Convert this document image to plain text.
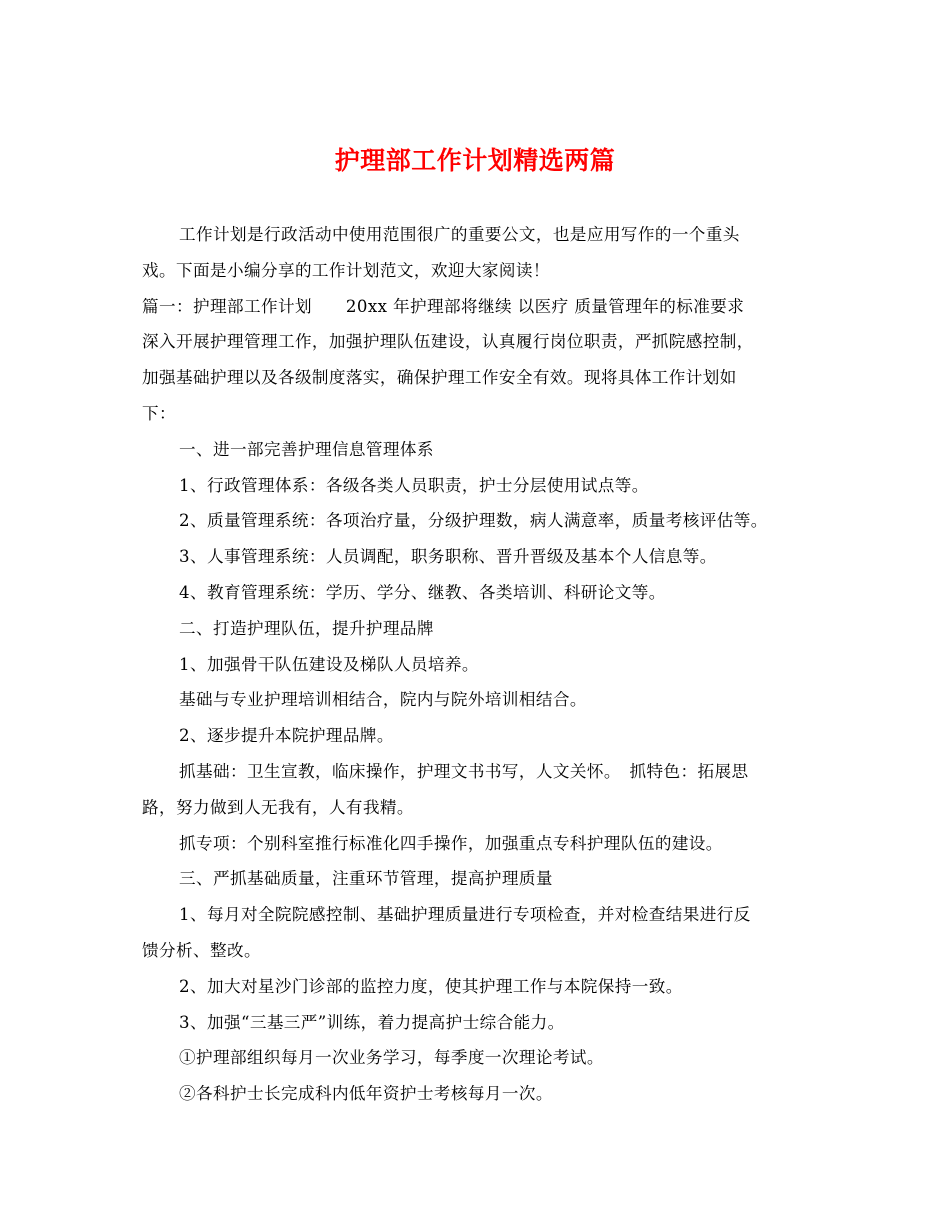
护理部工作计划精选两篇
工作计划是行政活动中使用范围很广的重要公文，也是应用写作的一个重头
戏。下面是小编分享的工作计划范文，欢迎大家阅读！
篇一：护理部工作计划　　20xx 年护理部将继续 以医疗 质量管理年的标准要求
深入开展护理管理工作，加强护理队伍建设，认真履行岗位职责，严抓院感控制，
加强基础护理以及各级制度落实，确保护理工作安全有效。现将具体工作计划如
下：
一、进一部完善护理信息管理体系
1、行政管理体系：各级各类人员职责，护士分层使用试点等。
2、质量管理系统：各项治疗量，分级护理数，病人满意率，质量考核评估等。
3、人事管理系统：人员调配，职务职称、晋升晋级及基本个人信息等。
4、教育管理系统：学历、学分、继教、各类培训、科研论文等。
二、打造护理队伍，提升护理品牌
1、加强骨干队伍建设及梯队人员培养。
基础与专业护理培训相结合，院内与院外培训相结合。
2、逐步提升本院护理品牌。
抓基础：卫生宣教，临床操作，护理文书书写，人文关怀。　抓特色：拓展思
路，努力做到人无我有，人有我精。
抓专项：个别科室推行标准化四手操作，加强重点专科护理队伍的建设。
三、严抓基础质量，注重环节管理，提高护理质量
1、每月对全院院感控制、基础护理质量进行专项检查，并对检查结果进行反
馈分析、整改。
2、加大对星沙门诊部的监控力度，使其护理工作与本院保持一致。
3、加强“三基三严”训练，着力提高护士综合能力。
①护理部组织每月一次业务学习，每季度一次理论考试。
②各科护士长完成科内低年资护士考核每月一次。
